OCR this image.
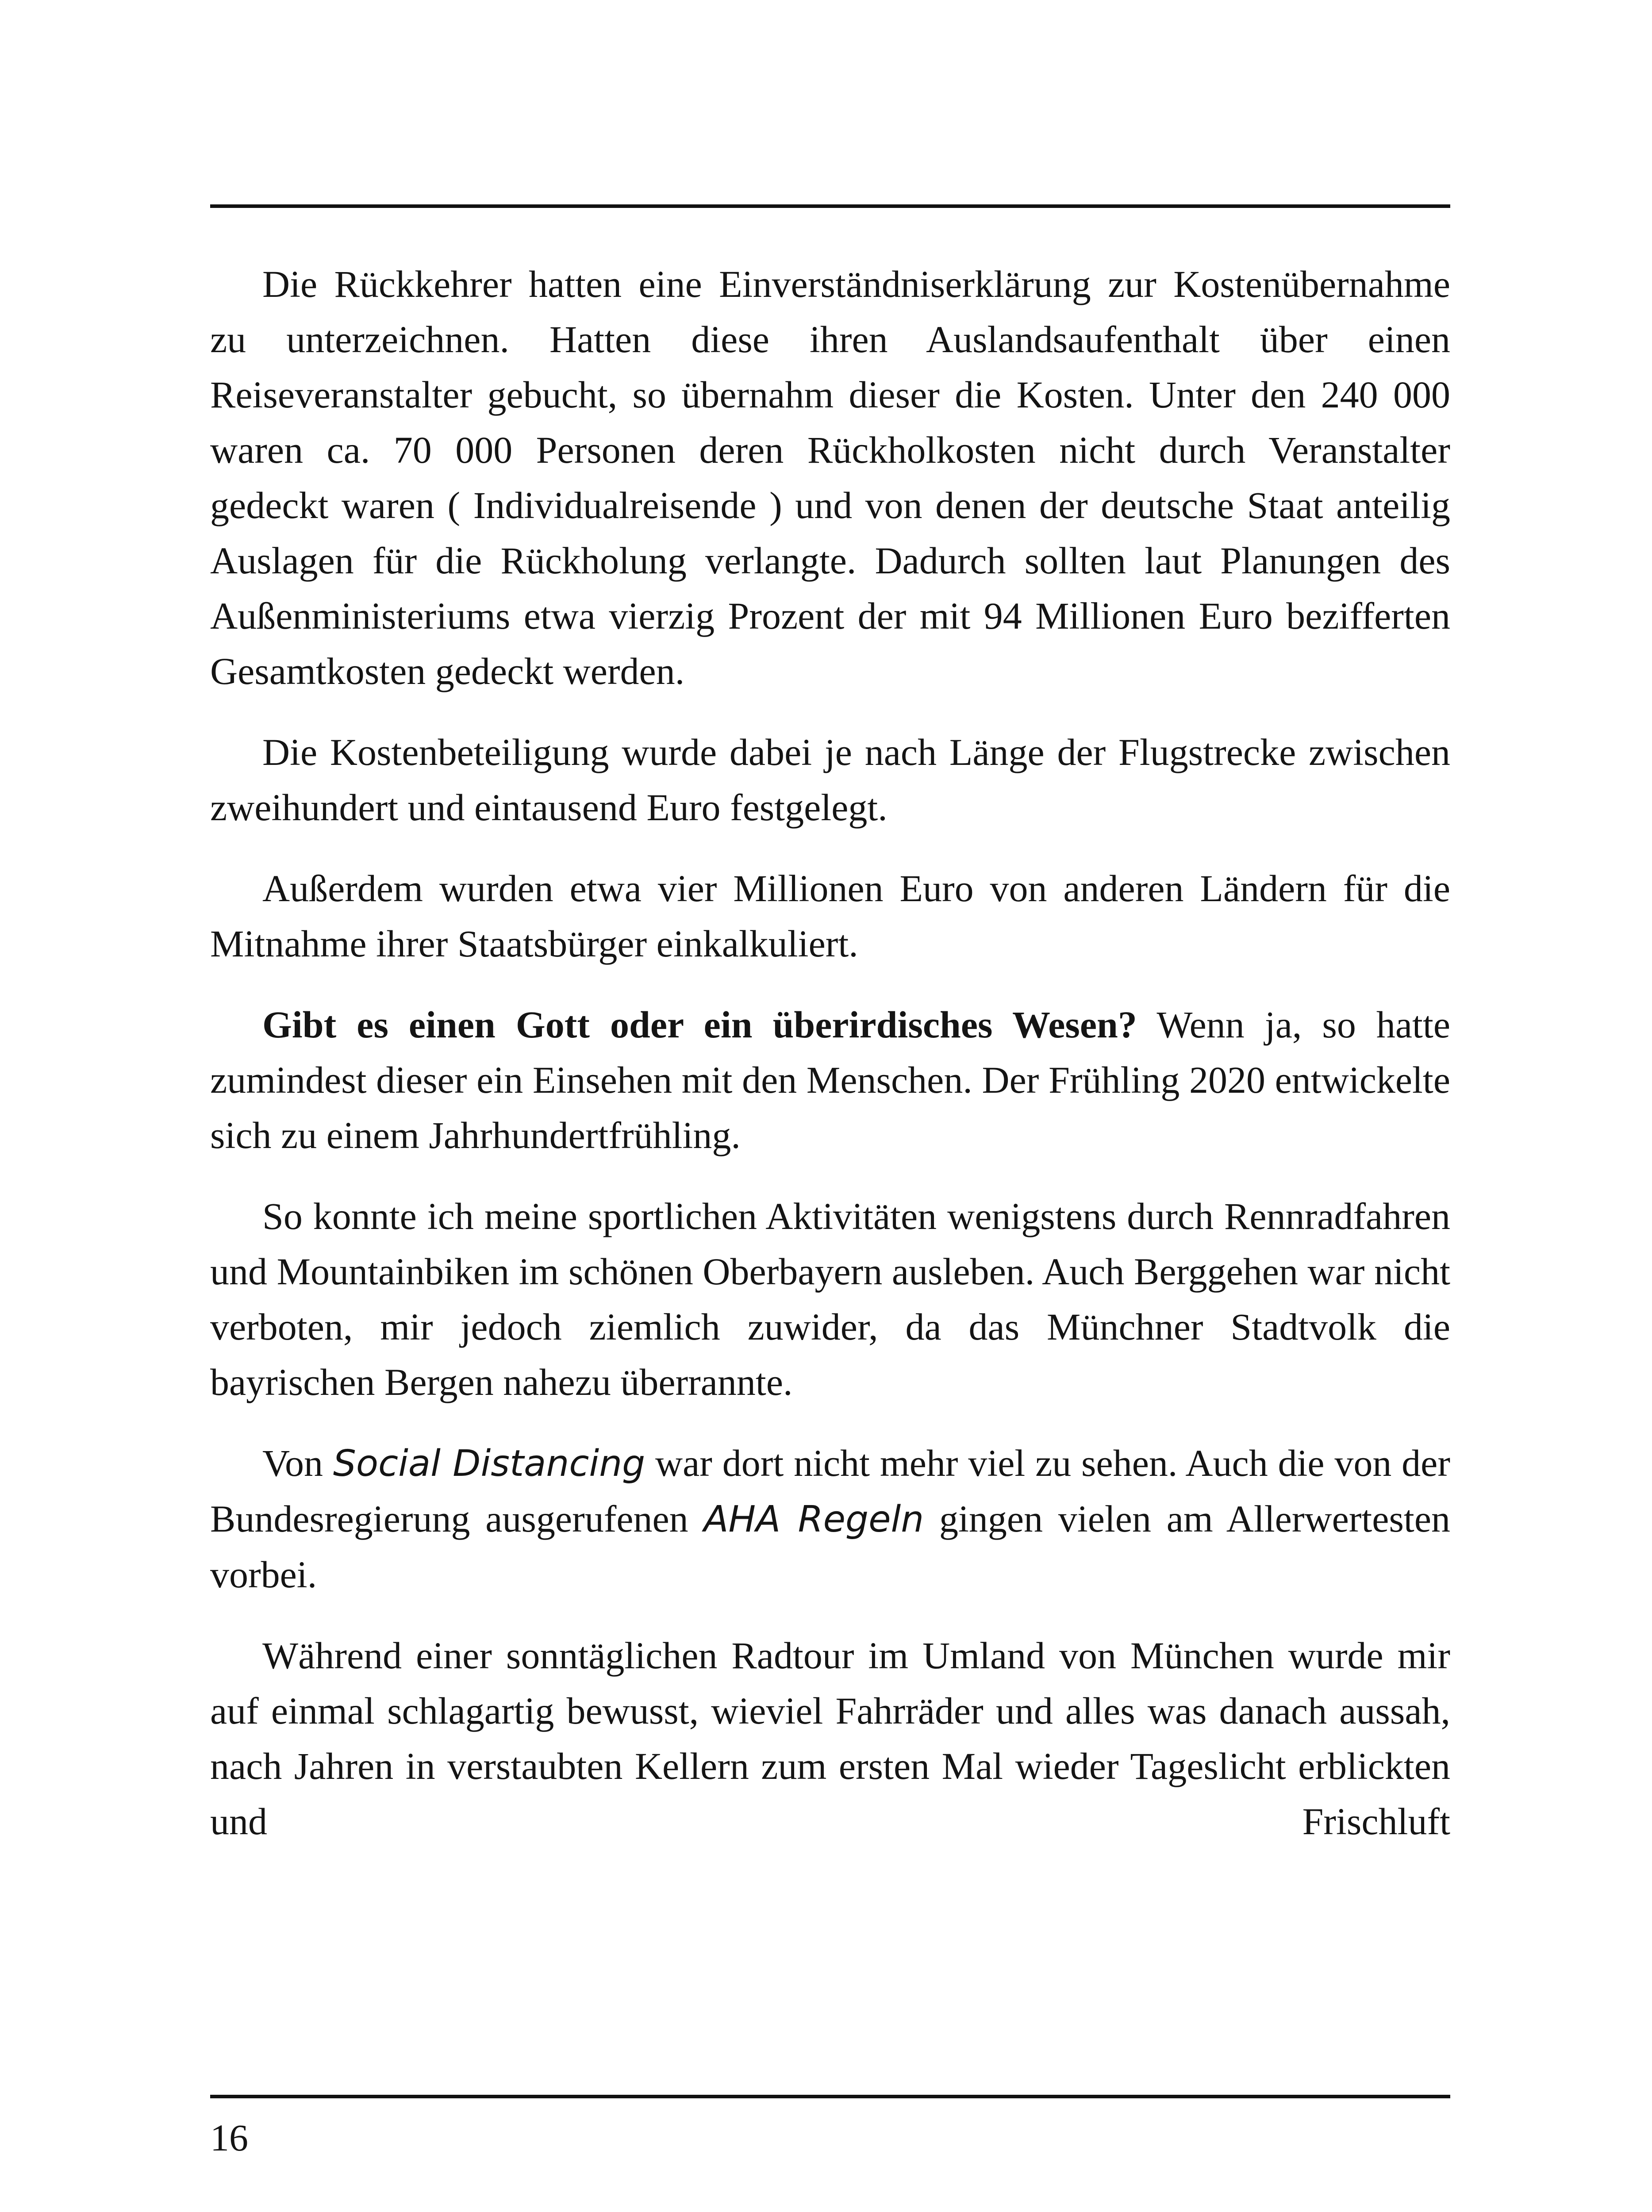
Die Rückkehrer hatten eine Einverständniserklärung zur Kostenübernahme zu unterzeichnen. Hatten diese ihren Auslandsaufenthalt über einen Reiseveranstalter gebucht, so übernahm dieser die Kosten. Unter den 240 000 waren ca. 70 000 Personen deren Rückholkosten nicht durch Veranstalter gedeckt waren ( Individualreisende ) und von denen der deutsche Staat anteilig Auslagen für die Rückholung verlangte. Dadurch sollten laut Planungen des Außenministeriums etwa vierzig Prozent der mit 94 Millionen Euro bezifferten Gesamtkosten gedeckt werden.

Die Kostenbeteiligung wurde dabei je nach Länge der Flugstrecke zwischen zweihundert und eintausend Euro festgelegt.

Außerdem wurden etwa vier Millionen Euro von anderen Ländern für die Mitnahme ihrer Staatsbürger einkalkuliert.

Gibt es einen Gott oder ein überirdisches Wesen? Wenn ja, so hatte zumindest dieser ein Einsehen mit den Menschen. Der Frühling 2020 entwickelte sich zu einem Jahrhundertfrühling.

So konnte ich meine sportlichen Aktivitäten wenigstens durch Rennradfahren und Mountainbiken im schönen Oberbayern ausleben. Auch Berggehen war nicht verboten, mir jedoch ziemlich zuwider, da das Münchner Stadtvolk die bayrischen Bergen nahezu überrannte.

Von Social Distancing war dort nicht mehr viel zu sehen. Auch die von der Bundesregierung ausgerufenen AHA Regeln gingen vielen am Allerwertesten vorbei.

Während einer sonntäglichen Radtour im Umland von München wurde mir auf einmal schlagartig bewusst, wieviel Fahrräder und alles was danach aussah, nach Jahren in verstaubten Kellern zum ersten Mal wieder Tageslicht erblickten und Frischluft

16
